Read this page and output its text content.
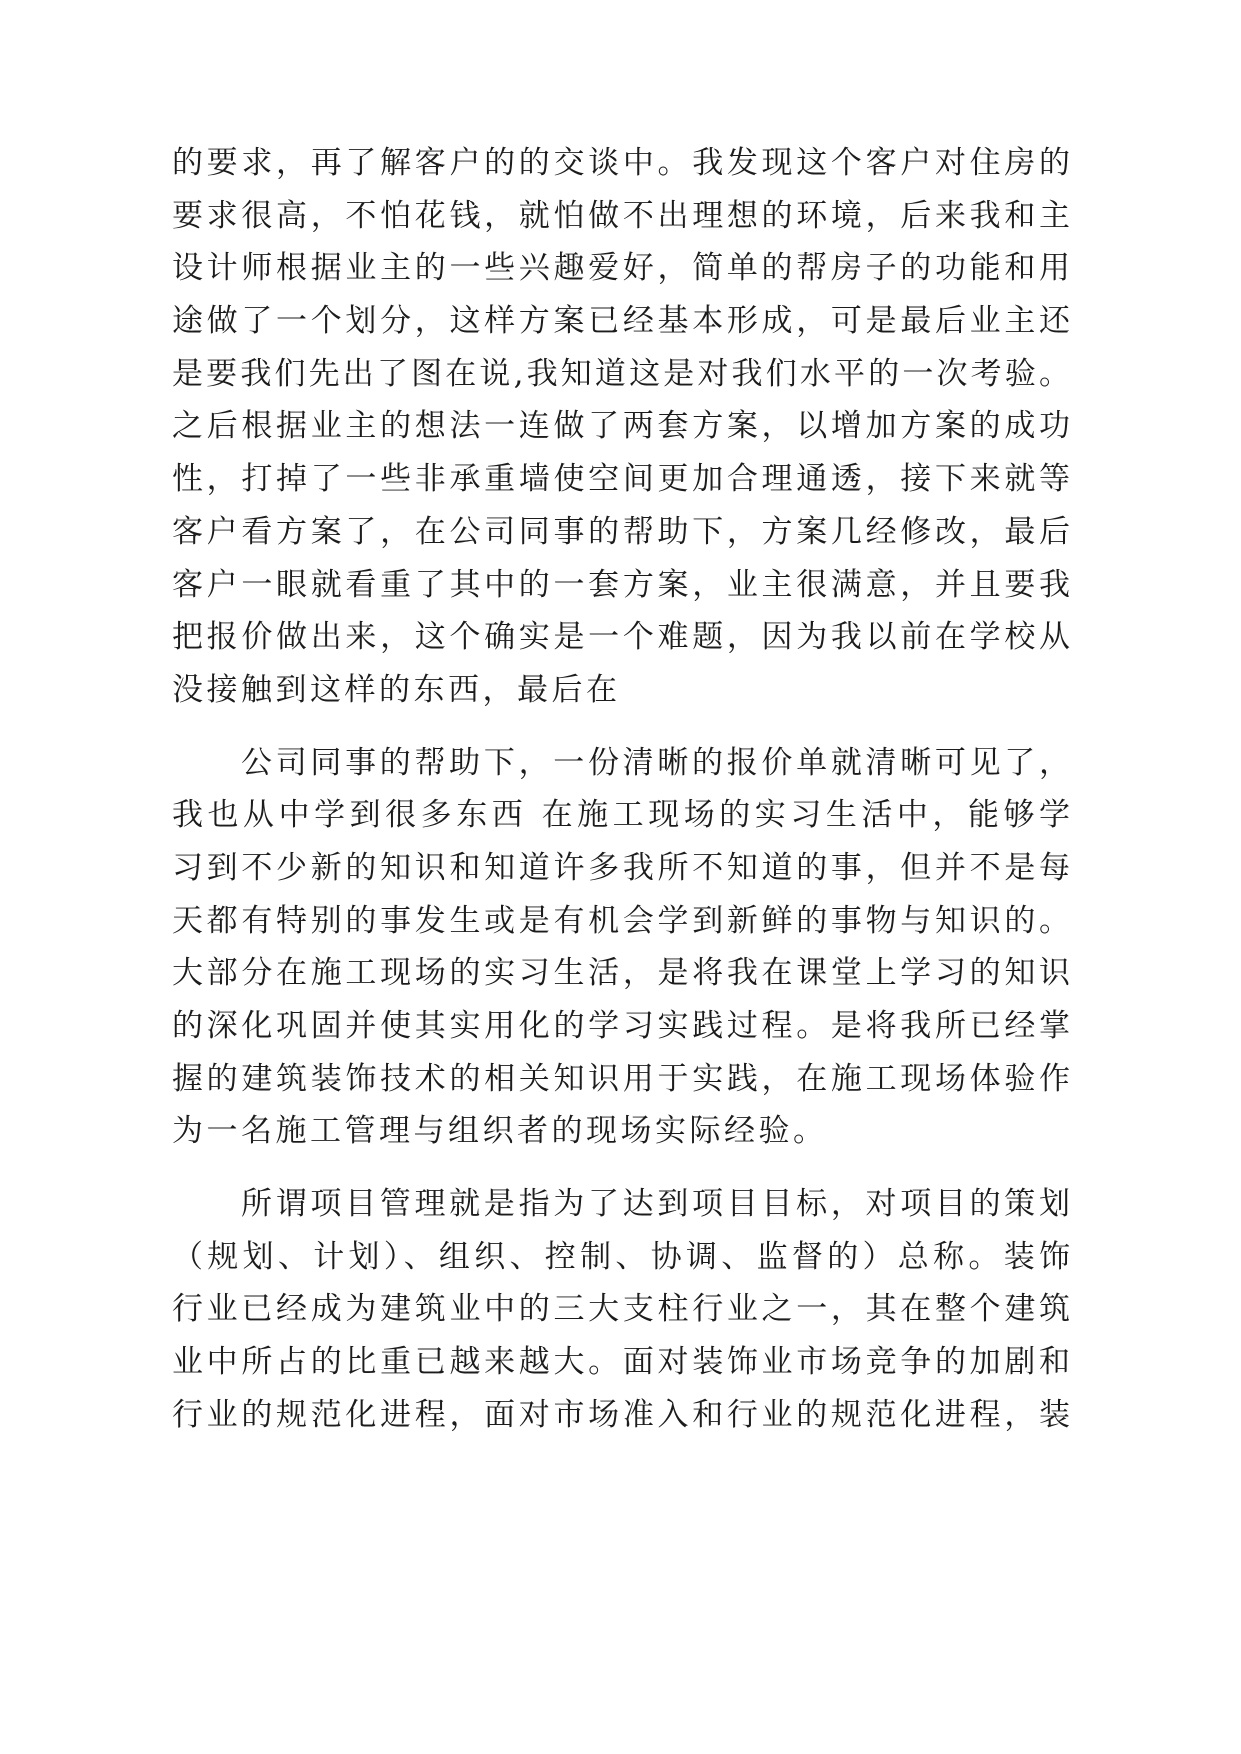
的要求，再了解客户的的交谈中。我发现这个客户对住房的
要求很高，不怕花钱，就怕做不出理想的环境，后来我和主
设计师根据业主的一些兴趣爱好，简单的帮房子的功能和用
途做了一个划分，这样方案已经基本形成，可是最后业主还
是要我们先出了图在说,我知道这是对我们水平的一次考验。
之后根据业主的想法一连做了两套方案，以增加方案的成功
性，打掉了一些非承重墙使空间更加合理通透，接下来就等
客户看方案了，在公司同事的帮助下，方案几经修改，最后
客户一眼就看重了其中的一套方案，业主很满意，并且要我
把报价做出来，这个确实是一个难题，因为我以前在学校从
没接触到这样的东西，最后在
公司同事的帮助下，一份清晰的报价单就清晰可见了，
我也从中学到很多东西 在施工现场的实习生活中，能够学
习到不少新的知识和知道许多我所不知道的事，但并不是每
天都有特别的事发生或是有机会学到新鲜的事物与知识的。
大部分在施工现场的实习生活，是将我在课堂上学习的知识
的深化巩固并使其实用化的学习实践过程。是将我所已经掌
握的建筑装饰技术的相关知识用于实践，在施工现场体验作
为一名施工管理与组织者的现场实际经验。
所谓项目管理就是指为了达到项目目标，对项目的策划
（规划、计划）、组织、控制、协调、监督的）总称。装饰
行业已经成为建筑业中的三大支柱行业之一，其在整个建筑
业中所占的比重已越来越大。面对装饰业市场竞争的加剧和
行业的规范化进程，面对市场准入和行业的规范化进程，装
